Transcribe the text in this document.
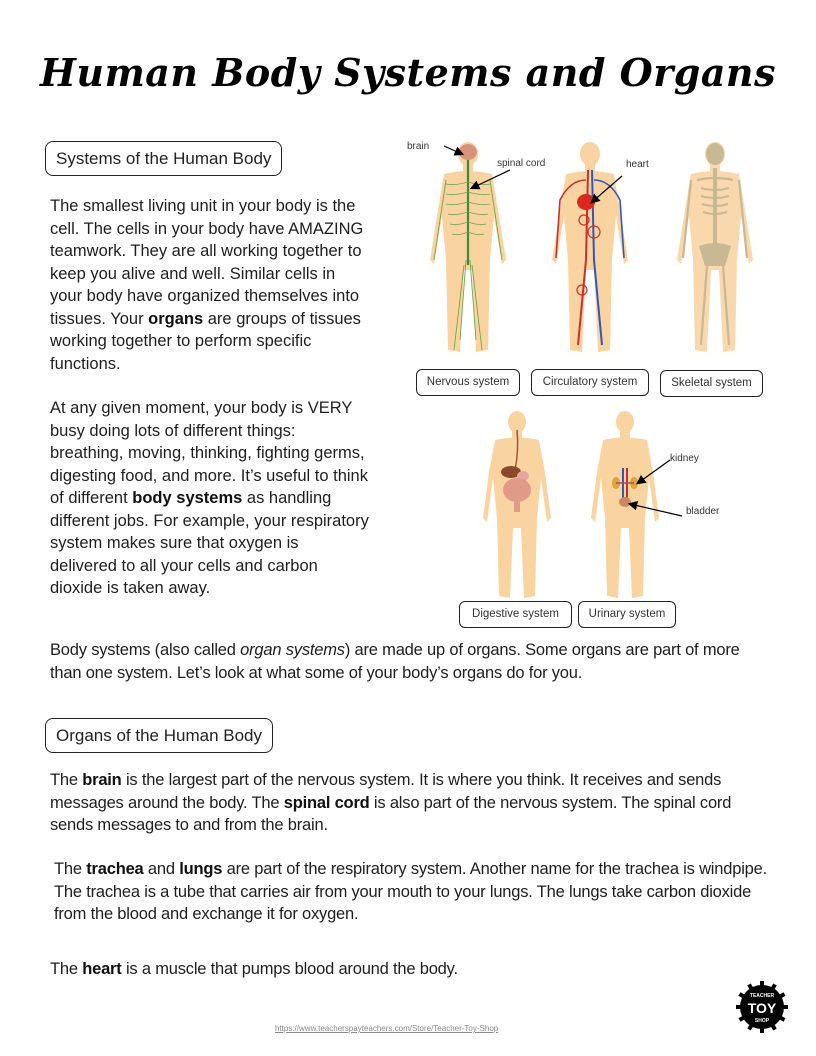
Human Body Systems and Organs
Systems of the Human Body
The smallest living unit in your body is the cell. The cells in your body have AMAZING teamwork. They are all working together to keep you alive and well. Similar cells in your body have organized themselves into tissues. Your organs are groups of tissues working together to perform specific functions.
At any given moment, your body is VERY busy doing lots of different things: breathing, moving, thinking, fighting germs, digesting food, and more. It’s useful to think of different body systems as handling different jobs. For example, your respiratory system makes sure that oxygen is delivered to all your cells and carbon dioxide is taken away.
brain
spinal cord	heart
Nervous system	Circulatory system	Skeletal system
kidney
bladder
Digestive system	Urinary system
Body systems (also called organ systems) are made up of organs. Some organs are part of more than one system. Let’s look at what some of your body’s organs do for you.
Organs of the Human Body
The brain is the largest part of the nervous system. It is where you think. It receives and sends messages around the body. The spinal cord is also part of the nervous system. The spinal cord sends messages to and from the brain.
The trachea and lungs are part of the respiratory system. Another name for the trachea is windpipe. The trachea is a tube that carries air from your mouth to your lungs. The lungs take carbon dioxide from the blood and exchange it for oxygen.
The heart is a muscle that pumps blood around the body.
https://www.teacherspayteachers.com/Store/Teacher-Toy-Shop
TEACHER
TOY
SHOP
